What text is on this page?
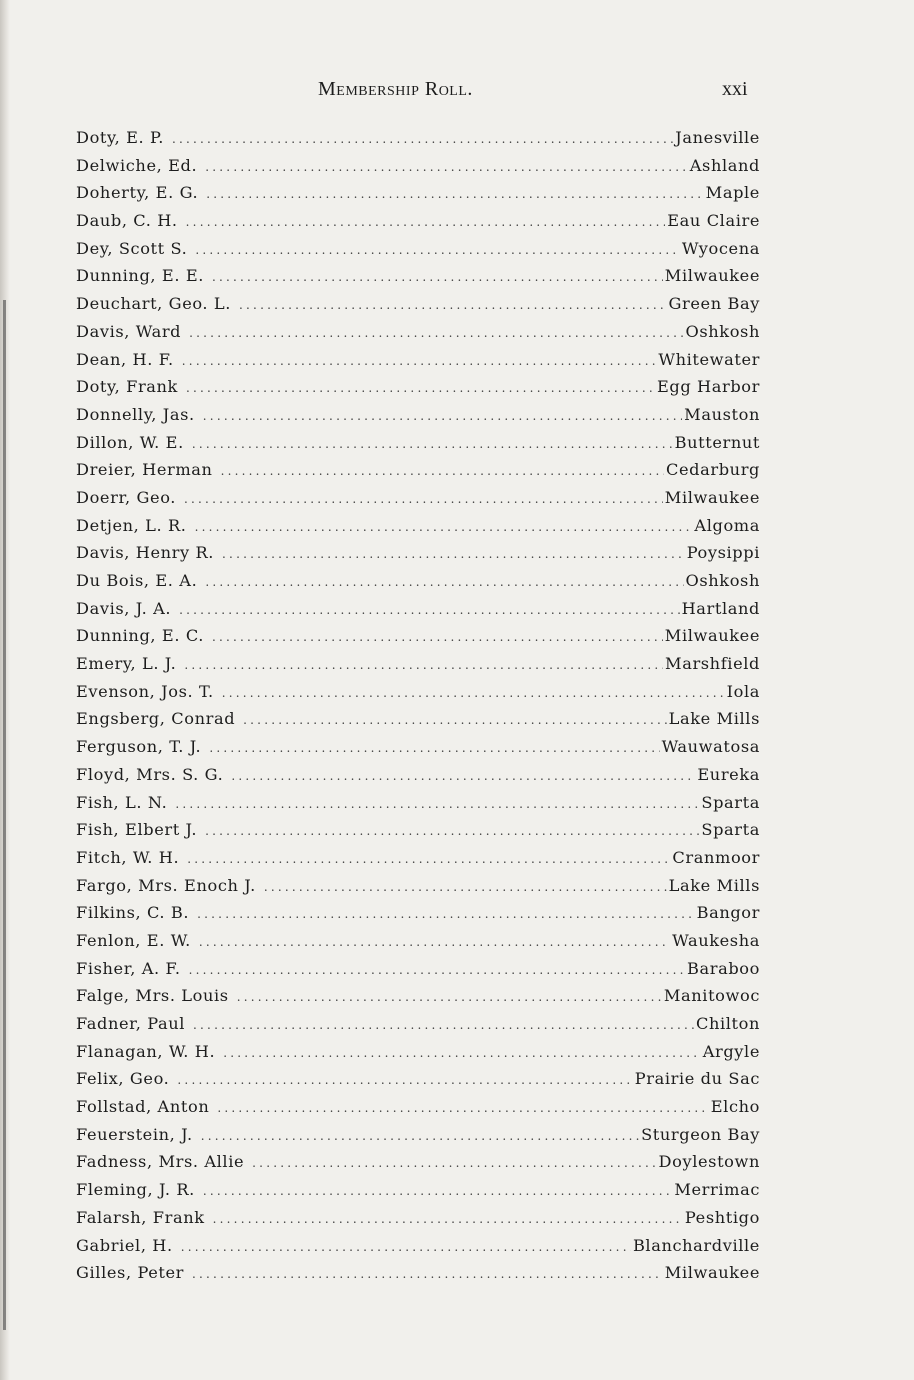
Membership Roll.	xxi
Doty, E. P. .....	Janesville
Delwiche, Ed. .....	Ashland
Doherty, E. G. .....	Maple
Daub, C. H. .....	Eau Claire
Dey, Scott S. .....	Wyocena
Dunning, E. E. .....	Milwaukee
Deuchart, Geo. L. .....	Green Bay
Davis, Ward .....	Oshkosh
Dean, H. F. .....	Whitewater
Doty, Frank .....	Egg Harbor
Donnelly, Jas. .....	Mauston
Dillon, W. E. .....	Butternut
Dreier, Herman .....	Cedarburg
Doerr, Geo. .....	Milwaukee
Detjen, L. R. .....	Algoma
Davis, Henry R. .....	Poysippi
Du Bois, E. A. .....	Oshkosh
Davis, J. A. .....	Hartland
Dunning, E. C. .....	Milwaukee
Emery, L. J. .....	Marshfield
Evenson, Jos. T. .....	Iola
Engsberg, Conrad .....	Lake Mills
Ferguson, T. J. .....	Wauwatosa
Floyd, Mrs. S. G. .....	Eureka
Fish, L. N. .....	Sparta
Fish, Elbert J. .....	Sparta
Fitch, W. H. .....	Cranmoor
Fargo, Mrs. Enoch J. .....	Lake Mills
Filkins, C. B. .....	Bangor
Fenlon, E. W. .....	Waukesha
Fisher, A. F. .....	Baraboo
Falge, Mrs. Louis .....	Manitowoc
Fadner, Paul .....	Chilton
Flanagan, W. H. .....	Argyle
Felix, Geo. .....	Prairie du Sac
Follstad, Anton .....	Elcho
Feuerstein, J. .....	Sturgeon Bay
Fadness, Mrs. Allie .....	Doylestown
Fleming, J. R. .....	Merrimac
Falarsh, Frank .....	Peshtigo
Gabriel, H. .....	Blanchardville
Gilles, Peter .....	Milwaukee
